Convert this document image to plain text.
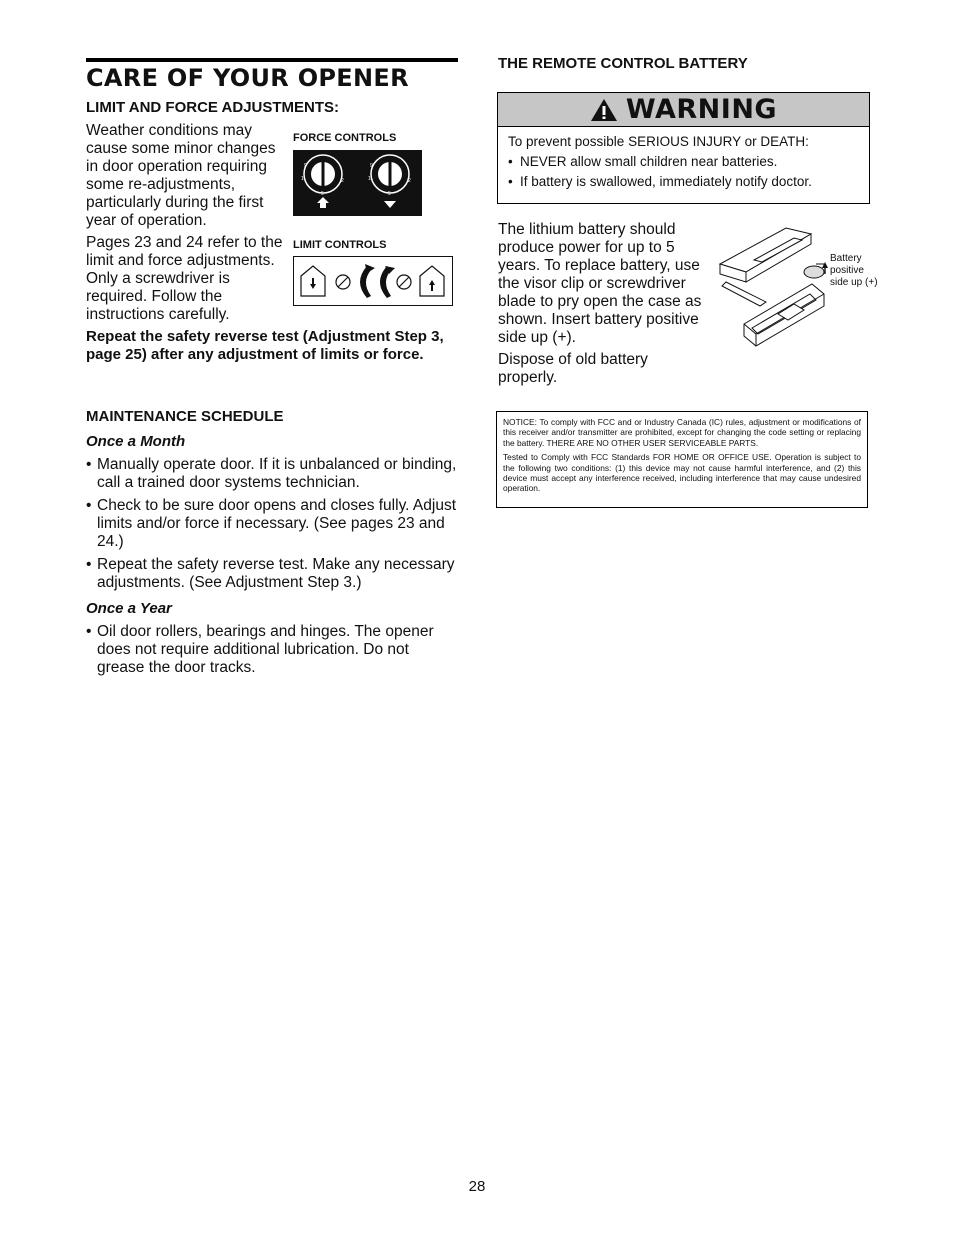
CARE OF YOUR OPENER
LIMIT AND FORCE ADJUSTMENTS:

Weather conditions may cause some minor changes in door operation requiring some re-adjustments, particularly during the first year of operation.

Pages 23 and 24 refer to the limit and force adjustments. Only a screwdriver is required. Follow the instructions carefully.

FORCE CONTROLS
9
1
5
2
9
1
5
2
LIMIT CONTROLS
Repeat the safety reverse test (Adjustment Step 3, page 25) after any adjustment of limits or force.
MAINTENANCE SCHEDULE
Once a Month
• Manually operate door. If it is unbalanced or binding, call a trained door systems technician.
• Check to be sure door opens and closes fully. Adjust limits and/or force if necessary. (See pages 23 and 24.)
• Repeat the safety reverse test. Make any necessary adjustments. (See Adjustment Step 3.)
Once a Year
• Oil door rollers, bearings and hinges. The opener does not require additional lubrication. Do not grease the door tracks.
THE REMOTE CONTROL BATTERY
WARNING
To prevent possible SERIOUS INJURY or DEATH:
• NEVER allow small children near batteries.
• If battery is swallowed, immediately notify doctor.

The lithium battery should produce power for up to 5 years. To replace battery, use the visor clip or screwdriver blade to pry open the case as shown. Insert battery positive side up (+).

Dispose of old battery properly.

Battery
positive
side up (+)

NOTICE: To comply with FCC and or Industry Canada (IC) rules, adjustment or modifications of this receiver and/or transmitter are prohibited, except for changing the code setting or replacing the battery. THERE ARE NO OTHER USER SERVICEABLE PARTS.

Tested to Comply with FCC Standards FOR HOME OR OFFICE USE. Operation is subject to the following two conditions: (1) this device may not cause harmful interference, and (2) this device must accept any interference received, including interference that may cause undesired operation.

28
